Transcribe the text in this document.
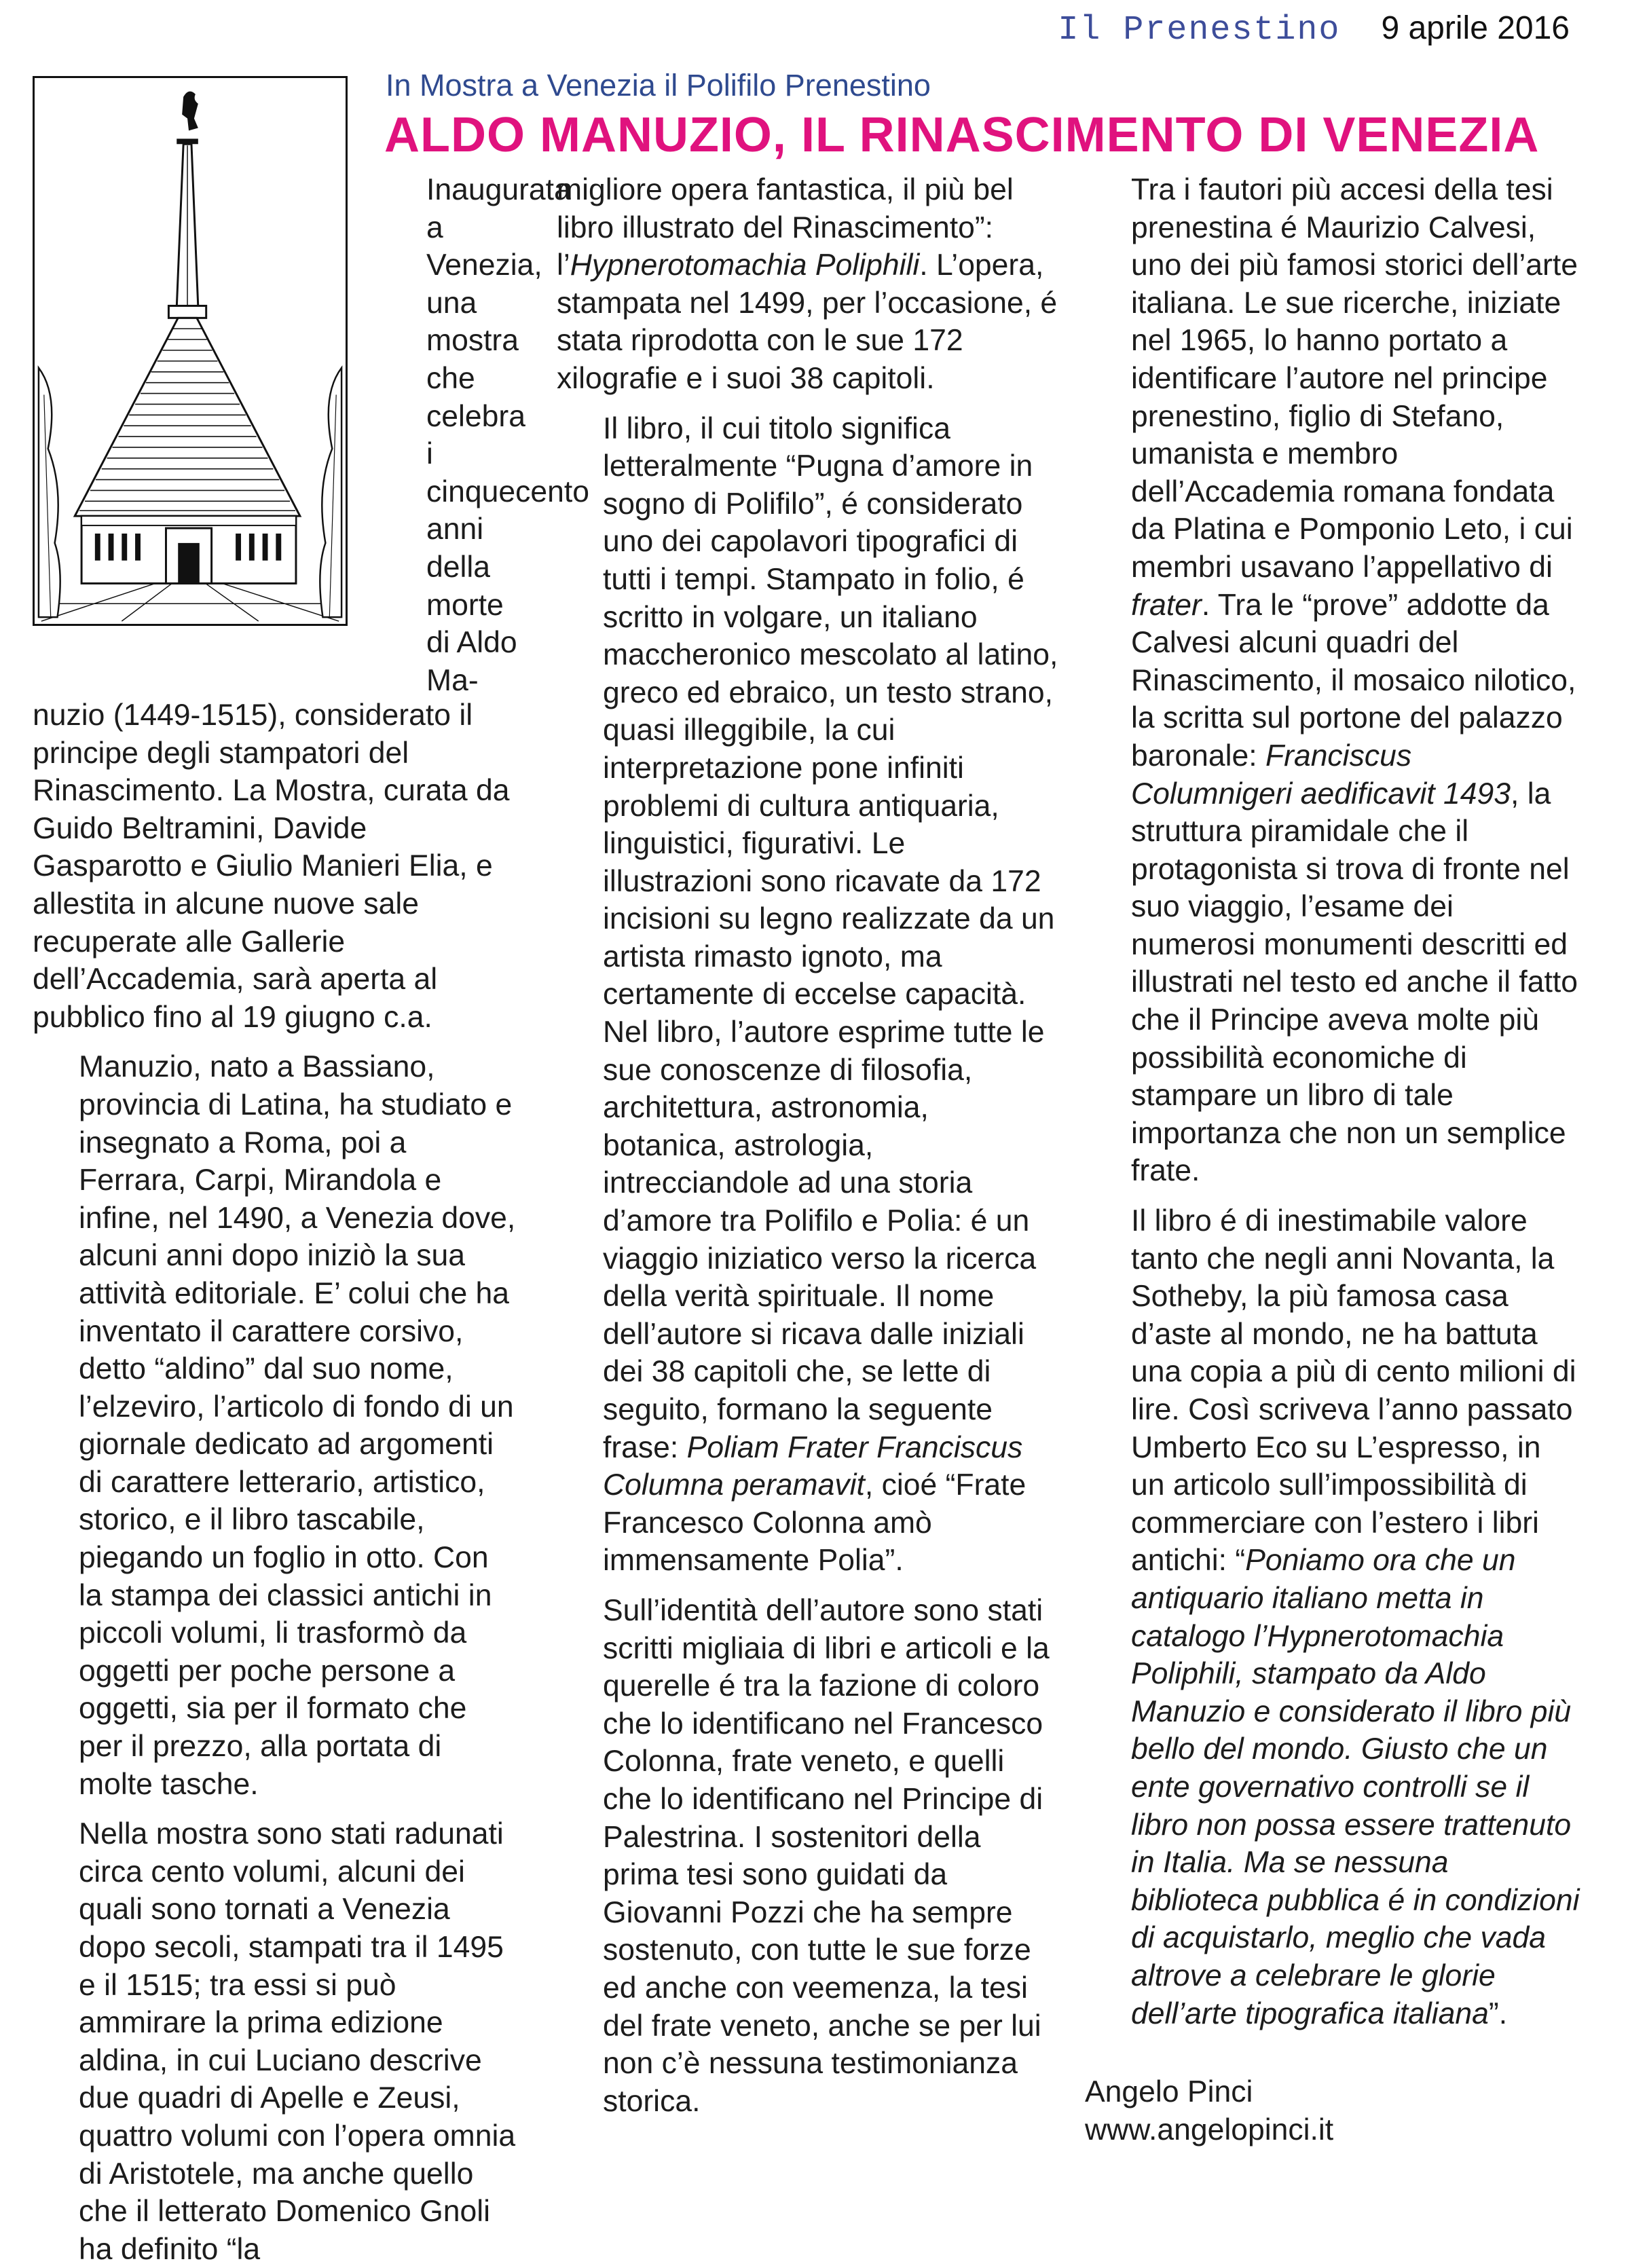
Il Prenestino 9 aprile 2016
In Mostra a Venezia il Polifilo Prenestino
ALDO MANUZIO, IL RINASCIMENTO DI VENEZIA

Inaugurata a Venezia, una mostra che celebra i cinquecento anni della morte di Aldo Ma-

nuzio (1449-1515), considerato il principe degli stampatori del Rinascimento. La Mostra, curata da Guido Beltramini, Davide Gasparotto e Giulio Manieri Elia, e allestita in alcune nuove sale recuperate alle Gallerie dell’Accademia, sarà aperta al pubblico fino al 19 giugno c.a.

Manuzio, nato a Bassiano, provincia di Latina, ha studiato e insegnato a Roma, poi a Ferrara, Carpi, Mirandola e infine, nel 1490, a Venezia dove, alcuni anni dopo iniziò la sua attività editoriale. E’ colui che ha inventato il carattere corsivo, detto “aldino” dal suo nome, l’elzeviro, l’articolo di fondo di un giornale dedicato ad argomenti di carattere letterario, artistico, storico, e il libro tascabile, piegando un foglio in otto. Con la stampa dei classici antichi in piccoli volumi, li trasformò da oggetti per poche persone a oggetti, sia per il formato che per il prezzo, alla portata di molte tasche.

Nella mostra sono stati radunati circa cento volumi, alcuni dei quali sono tornati a Venezia dopo secoli, stampati tra il 1495 e il 1515; tra essi si può ammirare la prima edizione aldina, in cui Luciano descrive due quadri di Apelle e Zeusi, quattro volumi con l’opera omnia di Aristotele, ma anche quello che il letterato Domenico Gnoli ha definito “la

migliore opera fantastica, il più bel libro illustrato del Rinascimento”: l’Hypnerotomachia Poliphili. L’opera, stampata nel 1499, per l’occasione, é stata riprodotta con le sue 172 xilografie e i suoi 38 capitoli.

Il libro, il cui titolo significa letteralmente “Pugna d’amore in sogno di Polifilo”, é considerato uno dei capolavori tipografici di tutti i tempi. Stampato in folio, é scritto in volgare, un italiano maccheronico mescolato al latino, greco ed ebraico, un testo strano, quasi illeggibile, la cui interpretazione pone infiniti problemi di cultura antiquaria, linguistici, figurativi. Le illustrazioni sono ricavate da 172 incisioni su legno realizzate da un artista rimasto ignoto, ma certamente di eccelse capacità. Nel libro, l’autore esprime tutte le sue conoscenze di filosofia, architettura, astronomia, botanica, astrologia, intrecciandole ad una storia d’amore tra Polifilo e Polia: é un viaggio iniziatico verso la ricerca della verità spirituale. Il nome dell’autore si ricava dalle iniziali dei 38 capitoli che, se lette di seguito, formano la seguente frase: Poliam Frater Franciscus Columna peramavit, cioé “Frate Francesco Colonna amò immensamente Polia”.

Sull’identità dell’autore sono stati scritti migliaia di libri e articoli e la querelle é tra la fazione di coloro che lo identificano nel Francesco Colonna, frate veneto, e quelli che lo identificano nel Principe di Palestrina. I sostenitori della prima tesi sono guidati da Giovanni Pozzi che ha sempre sostenuto, con tutte le sue forze ed anche con veemenza, la tesi del frate veneto, anche se per lui non c’è nessuna testimonianza storica.

Tra i fautori più accesi della tesi prenestina é Maurizio Calvesi, uno dei più famosi storici dell’arte italiana. Le sue ricerche, iniziate nel 1965, lo hanno portato a identificare l’autore nel principe prenestino, figlio di Stefano, umanista e membro dell’Accademia romana fondata da Platina e Pomponio Leto, i cui membri usavano l’appellativo di frater. Tra le “prove” addotte da Calvesi alcuni quadri del Rinascimento, il mosaico nilotico, la scritta sul portone del palazzo baronale: Franciscus Columnigeri aedificavit 1493, la struttura piramidale che il protagonista si trova di fronte nel suo viaggio, l’esame dei numerosi monumenti descritti ed illustrati nel testo ed anche il fatto che il Principe aveva molte più possibilità economiche di stampare un libro di tale importanza che non un semplice frate.

Il libro é di inestimabile valore tanto che negli anni Novanta, la Sotheby, la più famosa casa d’aste al mondo, ne ha battuta una copia a più di cento milioni di lire. Così scriveva l’anno passato Umberto Eco su L’espresso, in un articolo sull’impossibilità di commerciare con l’estero i libri antichi: “Poniamo ora che un antiquario italiano metta in catalogo l’Hypnerotomachia Poliphili, stampato da Aldo Manuzio e considerato il libro più bello del mondo. Giusto che un ente governativo controlli se il libro non possa essere trattenuto in Italia. Ma se nessuna biblioteca pubblica é in condizioni di acquistarlo, meglio che vada altrove a celebrare le glorie dell’arte tipografica italiana”.

Angelo Pinci

www.angelopinci.it
